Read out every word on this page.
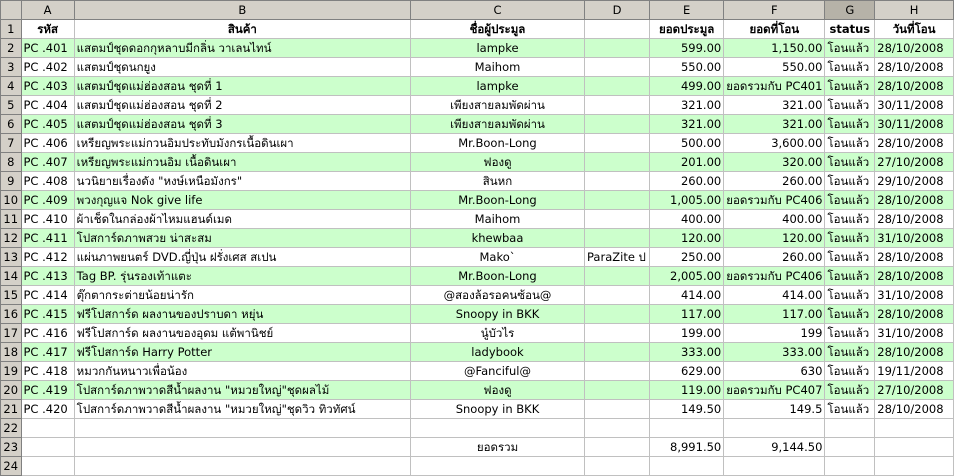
	A	B	C	D	E	F	G	H
1	รหัส	สินค้า	ชื่อผู้ประมูล		ยอดประมูล	ยอดที่โอน	status	วันที่โอน
2	PC .401	แสตมป์ชุดดอกกุหลาบมีกลิ่น วาเลนไทน์	lampke		599.00	1,150.00	โอนแล้ว	28/10/2008
3	PC .402	แสตมป์ชุดนกยูง	Maihom		550.00	550.00	โอนแล้ว	28/10/2008
4	PC .403	แสตมป์ชุดแม่ฮ่องสอน ชุดที่ 1	lampke		499.00	ยอดรวมกับ PC401	โอนแล้ว	28/10/2008
5	PC .404	แสตมป์ชุดแม่ฮ่องสอน ชุดที่ 2	เพียงสายลมพัดผ่าน		321.00	321.00	โอนแล้ว	30/11/2008
6	PC .405	แสตมป์ชุดแม่ฮ่องสอน ชุดที่ 3	เพียงสายลมพัดผ่าน		321.00	321.00	โอนแล้ว	30/11/2008
7	PC .406	เหรียญพระแม่กวนอิมประทับมังกรเนื้อดินเผา	Mr.Boon-Long		500.00	3,600.00	โอนแล้ว	28/10/2008
8	PC .407	เหรียญพระแม่กวนอิม เนื้อดินเผา	ฟองดู		201.00	320.00	โอนแล้ว	27/10/2008
9	PC .408	นวนิยายเรื่องดัง "หงษ์เหนือมังกร"	สินหก		260.00	260.00	โอนแล้ว	29/10/2008
10	PC .409	พวงกุญแจ Nok give life	Mr.Boon-Long		1,005.00	ยอดรวมกับ PC406	โอนแล้ว	28/10/2008
11	PC .410	ผ้าเช็ดในกล่องผ้าไหมแฮนด์เมด	Maihom		400.00	400.00	โอนแล้ว	28/10/2008
12	PC .411	โปสการ์ดภาพสวย น่าสะสม	khewbaa		120.00	120.00	โอนแล้ว	31/10/2008
13	PC .412	แผ่นภาพยนตร์ DVD.ญี่ปุ่น ฝรั่งเศส สเปน	Mako`	ParaZite ป	250.00	260.00	โอนแล้ว	28/10/2008
14	PC .413	Tag BP. รุ่นรองเท้าแตะ	Mr.Boon-Long		2,005.00	ยอดรวมกับ PC406	โอนแล้ว	28/10/2008
15	PC .414	ตุ๊กตากระต่ายน้อยน่ารัก	@สองล้อรอคนซ้อน@		414.00	414.00	โอนแล้ว	31/10/2008
16	PC .415	ฟรีโปสการ์ด ผลงานของปราบดา หยุ่น	Snoopy in BKK		117.00	117.00	โอนแล้ว	28/10/2008
17	PC .416	ฟรีโปสการ์ด ผลงานของอุดม แต้พานิชย์	นู๋บัวไร		199.00	199	โอนแล้ว	31/10/2008
18	PC .417	ฟรีโปสการ์ด Harry Potter	ladybook		333.00	333.00	โอนแล้ว	28/10/2008
19	PC .418	หมวกกันหนาวเพื่อน้อง	@Fanciful@		629.00	630	โอนแล้ว	19/11/2008
20	PC .419	โปสการ์ดภาพวาดสีน้ำผลงาน "หมวยใหญ่"ชุดผลไม้	ฟองดู		119.00	ยอดรวมกับ PC407	โอนแล้ว	27/10/2008
21	PC .420	โปสการ์ดภาพวาดสีน้ำผลงาน "หมวยใหญ่"ชุดวิว ทิวทัศน์	Snoopy in BKK		149.50	149.5	โอนแล้ว	28/10/2008
22								
23			ยอดรวม		8,991.50	9,144.50		
24								
